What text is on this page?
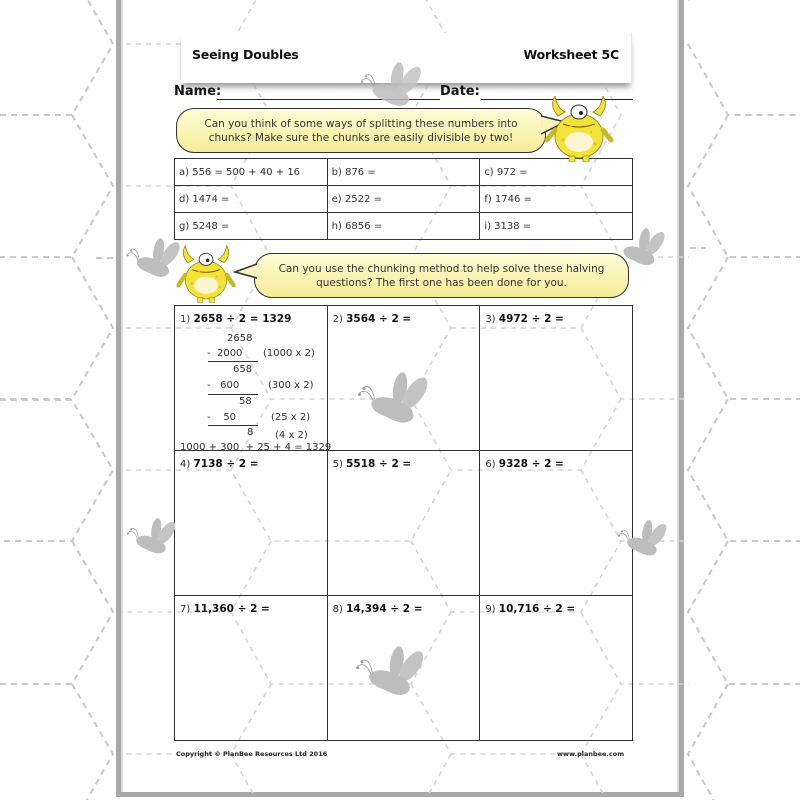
Seeing Doubles	Worksheet 5C
Name:	Date:
Can you think of some ways of splitting these numbers into
chunks? Make sure the chunks are easily divisible by two!
a) 556 = 500 + 40 + 16	b) 876 =	c) 972 =
d) 1474 =	e) 2522 =	f) 1746 =
g) 5248 =	h) 6856 =	i) 3138 =
Can you use the chunking method to help solve these halving
questions? The first one has been done for you.
1) 2658 ÷ 2 = 1329
2658
-  2000 (1000 x 2)
658
-   600	(300 x 2)
58
-    50	(25 x 2)
8 (4 x 2)
1000 + 300  + 25 + 4 = 1329

2) 3564 ÷ 2 =	3) 4972 ÷ 2 =

4) 7138 ÷ 2 =	5) 5518 ÷ 2 =	6) 9328 ÷ 2 =

7) 11,360 ÷ 2 =	8) 14,394 ÷ 2 =	9) 10,716 ÷ 2 =
Copyright © PlanBee Resources Ltd 2016	www.planbee.com
